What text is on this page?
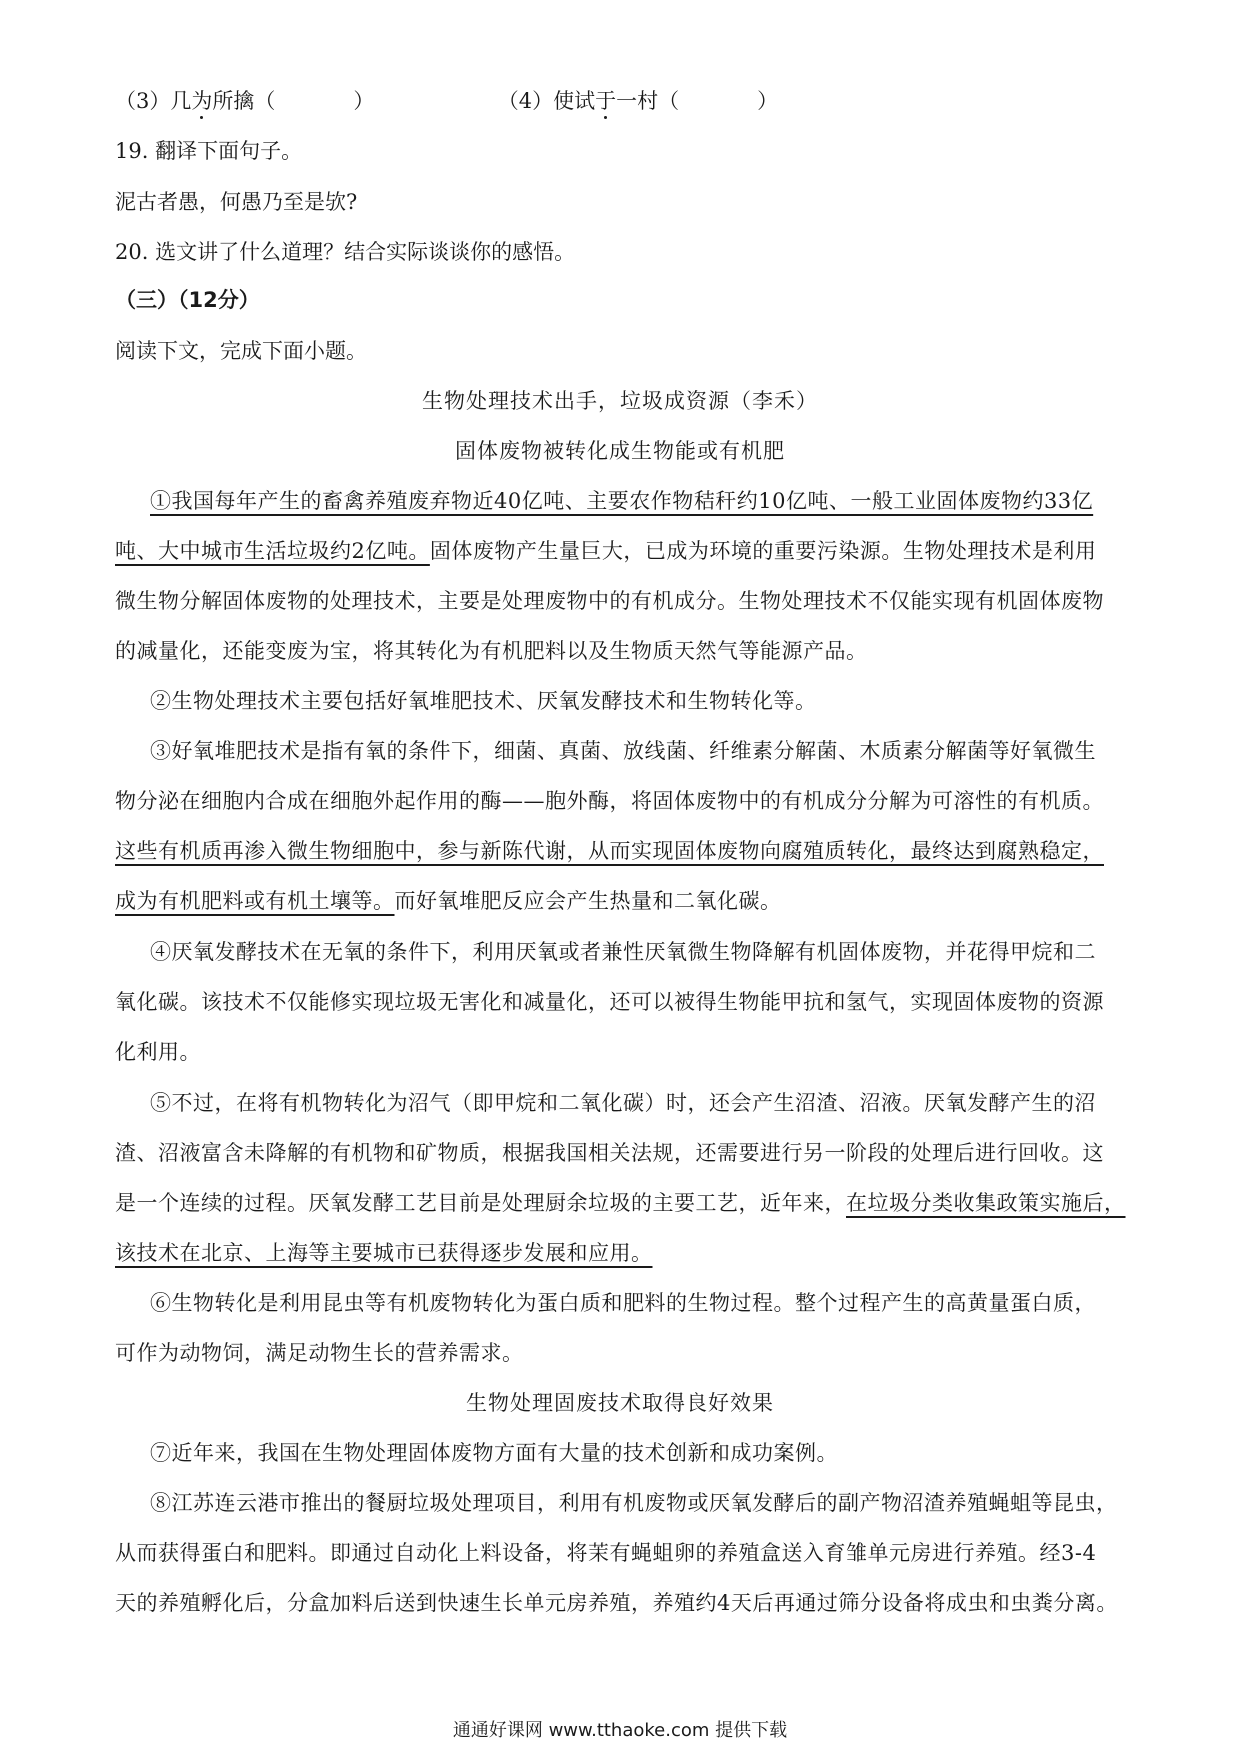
（3）几为所擒（	）	（4）使试于一村（	）
19. 翻译下面句子。
泥古者愚，何愚乃至是欤?
20. 选文讲了什么道理？结合实际谈谈你的感悟。
（三）（12分）
阅读下文，完成下面小题。
生物处理技术出手，垃圾成资源（李禾）
固体废物被转化成生物能或有机肥
①我国每年产生的畜禽养殖废弃物近40亿吨、主要农作物秸秆约10亿吨、一般工业固体废物约33亿
吨、大中城市生活垃圾约2亿吨。固体废物产生量巨大，已成为环境的重要污染源。生物处理技术是利用
微生物分解固体废物的处理技术，主要是处理废物中的有机成分。生物处理技术不仅能实现有机固体废物
的减量化，还能变废为宝，将其转化为有机肥料以及生物质天然气等能源产品。
②生物处理技术主要包括好氧堆肥技术、厌氧发酵技术和生物转化等。
③好氧堆肥技术是指有氧的条件下，细菌、真菌、放线菌、纤维素分解菌、木质素分解菌等好氧微生
物分泌在细胞内合成在细胞外起作用的酶——胞外酶，将固体废物中的有机成分分解为可溶性的有机质。
这些有机质再渗入微生物细胞中，参与新陈代谢，从而实现固体废物向腐殖质转化，最终达到腐熟稳定，
成为有机肥料或有机土壤等。而好氧堆肥反应会产生热量和二氧化碳。
④厌氧发酵技术在无氧的条件下，利用厌氧或者兼性厌氧微生物降解有机固体废物，并花得甲烷和二
氧化碳。该技术不仅能修实现垃圾无害化和减量化，还可以被得生物能甲抗和氢气，实现固体废物的资源
化利用。
⑤不过，在将有机物转化为沼气（即甲烷和二氧化碳）时，还会产生沼渣、沼液。厌氧发酵产生的沼
渣、沼液富含未降解的有机物和矿物质，根据我国相关法规，还需要进行另一阶段的处理后进行回收。这
是一个连续的过程。厌氧发酵工艺目前是处理厨余垃圾的主要工艺，近年来，在垃圾分类收集政策实施后，
该技术在北京、上海等主要城市已获得逐步发展和应用。
⑥生物转化是利用昆虫等有机废物转化为蛋白质和肥料的生物过程。整个过程产生的高黄量蛋白质，
可作为动物饲，满足动物生长的营养需求。
生物处理固废技术取得良好效果
⑦近年来，我国在生物处理固体废物方面有大量的技术创新和成功案例。
⑧江苏连云港市推出的餐厨垃圾处理项目，利用有机废物或厌氧发酵后的副产物沼渣养殖蝇蛆等昆虫，
从而获得蛋白和肥料。即通过自动化上料设备，将茉有蝇蛆卵的养殖盒送入育雏单元房进行养殖。经3-4
天的养殖孵化后，分盒加料后送到快速生长单元房养殖，养殖约4天后再通过筛分设备将成虫和虫粪分离。
通通好课网 www.tthaoke.com 提供下载
